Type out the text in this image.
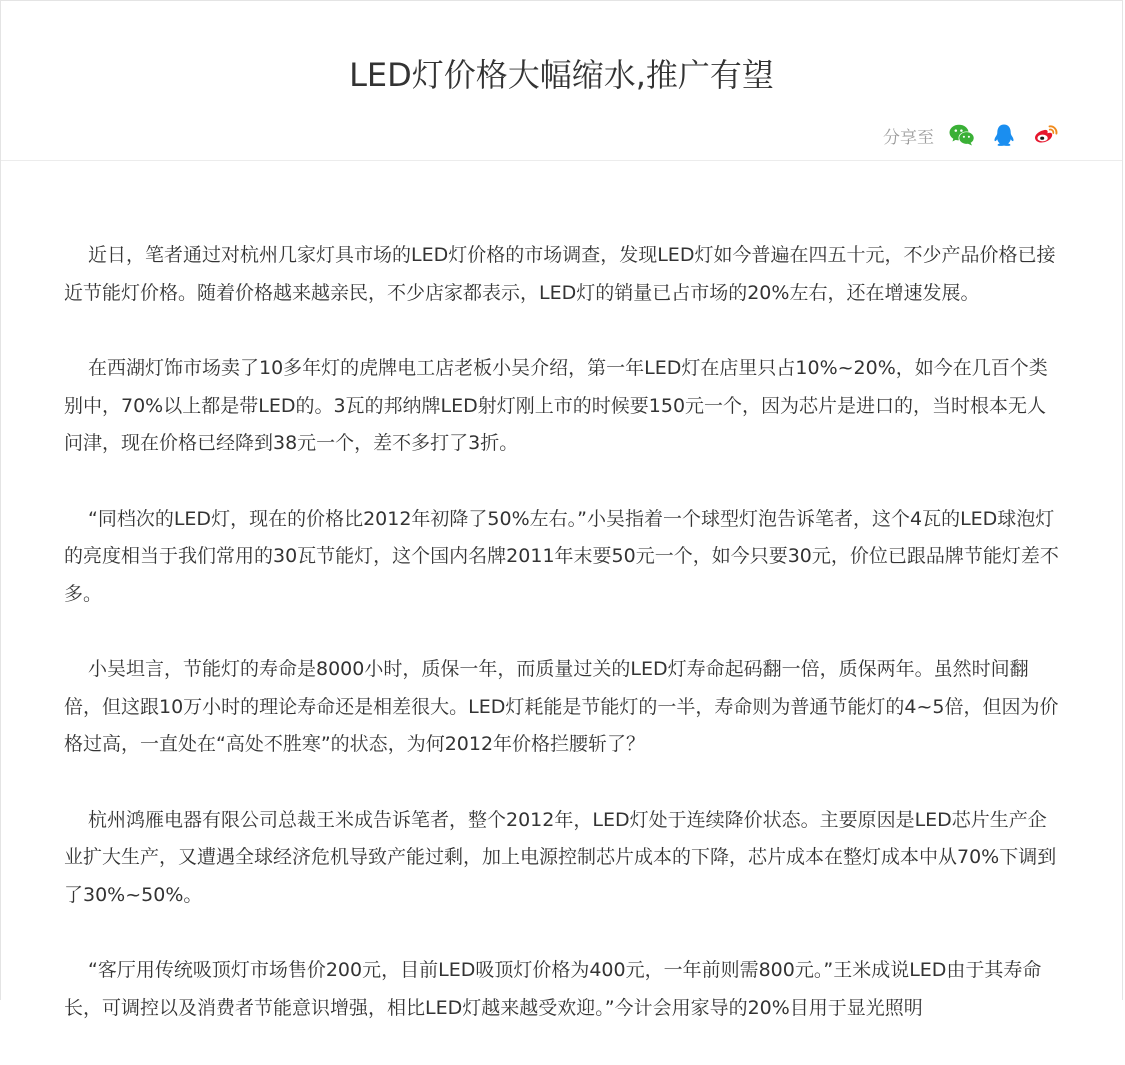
LED灯价格大幅缩水,推广有望
分享至

近日，笔者通过对杭州几家灯具市场的LED灯价格的市场调查，发现LED灯如今普遍在四五十元，不少产品价格已接近节能灯价格。随着价格越来越亲民，不少店家都表示，LED灯的销量已占市场的20%左右，还在增速发展。

在西湖灯饰市场卖了10多年灯的虎牌电工店老板小吴介绍，第一年LED灯在店里只占10%~20%，如今在几百个类别中，70%以上都是带LED的。3瓦的邦纳牌LED射灯刚上市的时候要150元一个，因为芯片是进口的，当时根本无人问津，现在价格已经降到38元一个，差不多打了3折。

“同档次的LED灯，现在的价格比2012年初降了50%左右。”小吴指着一个球型灯泡告诉笔者，这个4瓦的LED球泡灯的亮度相当于我们常用的30瓦节能灯，这个国内名牌2011年末要50元一个，如今只要30元，价位已跟品牌节能灯差不多。

小吴坦言，节能灯的寿命是8000小时，质保一年，而质量过关的LED灯寿命起码翻一倍，质保两年。虽然时间翻倍，但这跟10万小时的理论寿命还是相差很大。LED灯耗能是节能灯的一半，寿命则为普通节能灯的4~5倍，但因为价格过高，一直处在“高处不胜寒”的状态，为何2012年价格拦腰斩了？

杭州鸿雁电器有限公司总裁王米成告诉笔者，整个2012年，LED灯处于连续降价状态。主要原因是LED芯片生产企业扩大生产，又遭遇全球经济危机导致产能过剩，加上电源控制芯片成本的下降，芯片成本在整灯成本中从70%下调到了30%~50%。

“客厅用传统吸顶灯市场售价200元，目前LED吸顶灯价格为400元，一年前则需800元。”王米成说LED由于其寿命长，可调控以及消费者节能意识增强，相比LED灯越来越受欢迎。”今计会用家导的20%目用于显光照明
